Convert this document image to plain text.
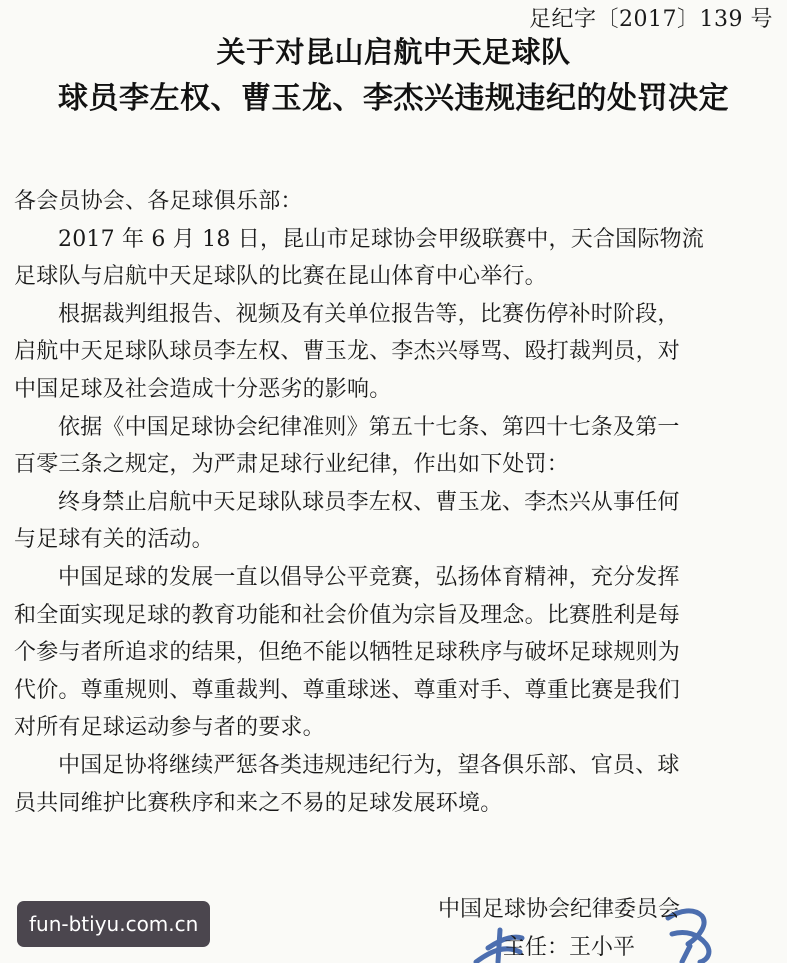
足纪字〔2017〕139 号
关于对昆山启航中天足球队
球员李左权、曹玉龙、李杰兴违规违纪的处罚决定
各会员协会、各足球俱乐部：
2017 年 6 月 18 日，昆山市足球协会甲级联赛中，天合国际物流
足球队与启航中天足球队的比赛在昆山体育中心举行。
根据裁判组报告、视频及有关单位报告等，比赛伤停补时阶段，
启航中天足球队球员李左权、曹玉龙、李杰兴辱骂、殴打裁判员，对
中国足球及社会造成十分恶劣的影响。
依据《中国足球协会纪律准则》第五十七条、第四十七条及第一
百零三条之规定，为严肃足球行业纪律，作出如下处罚：
终身禁止启航中天足球队球员李左权、曹玉龙、李杰兴从事任何
与足球有关的活动。
中国足球的发展一直以倡导公平竞赛，弘扬体育精神，充分发挥
和全面实现足球的教育功能和社会价值为宗旨及理念。比赛胜利是每
个参与者所追求的结果，但绝不能以牺牲足球秩序与破坏足球规则为
代价。尊重规则、尊重裁判、尊重球迷、尊重对手、尊重比赛是我们
对所有足球运动参与者的要求。
中国足协将继续严惩各类违规违纪行为，望各俱乐部、官员、球
员共同维护比赛秩序和来之不易的足球发展环境。
中国足球协会纪律委员会
主任：王小平
fun-btiyu.com.cn
